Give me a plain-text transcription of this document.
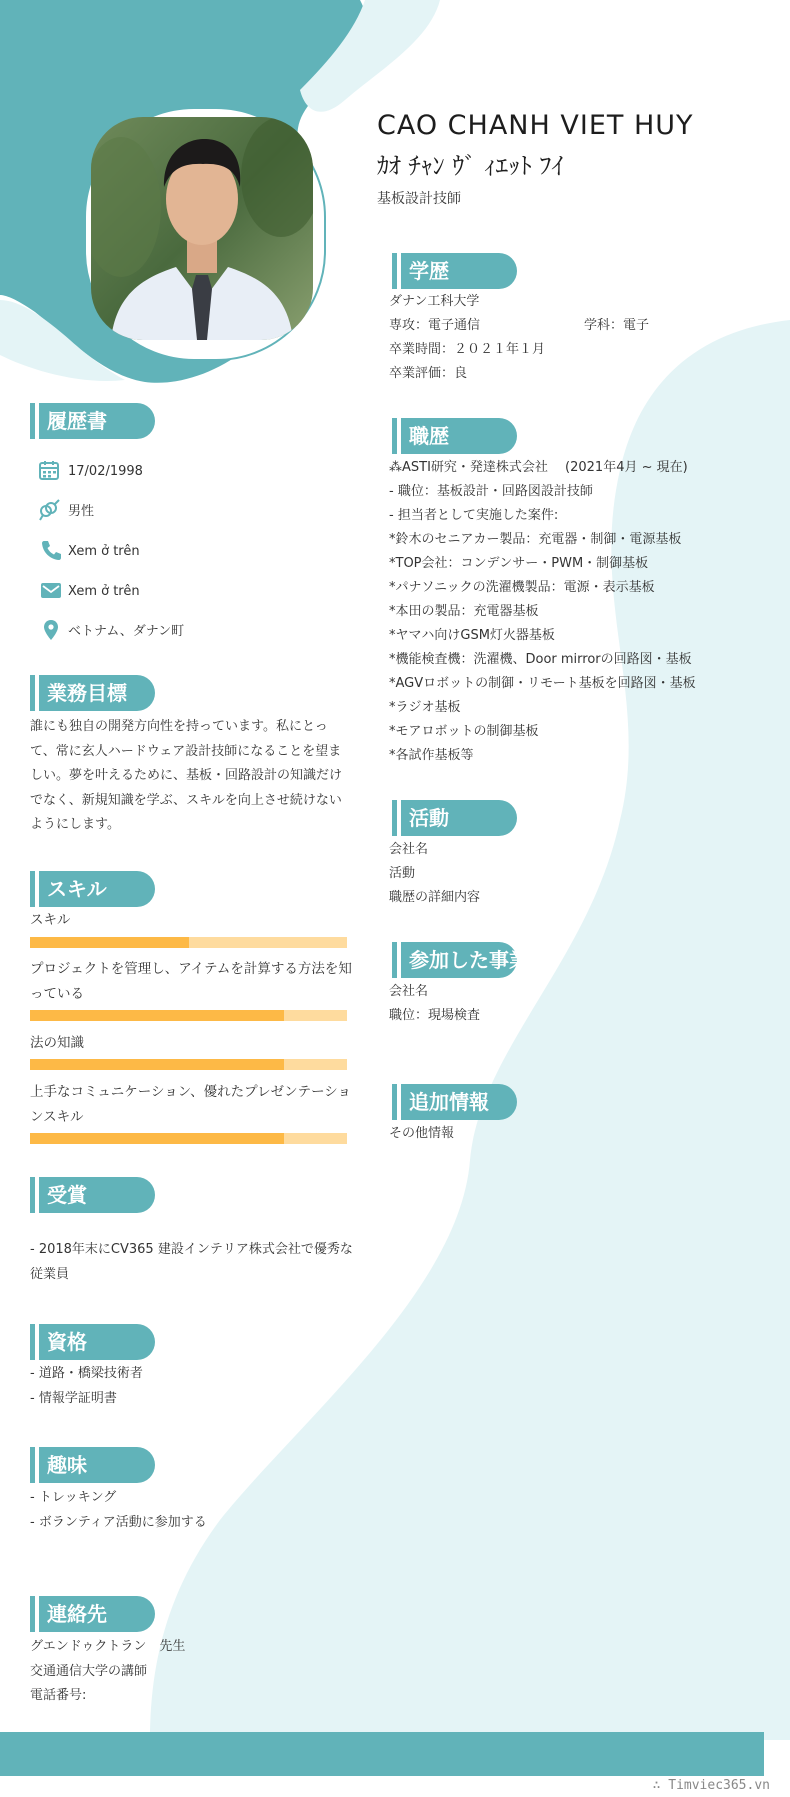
CAO CHANH VIET HUY
ｶｵ ﾁｬﾝ ｳﾞ ｨｴｯﾄ ﾌｲ
基板設計技師
履歴書
17/02/1998
男性
Xem ở trên
Xem ở trên
ベトナム、ダナン町
業務目標
誰にも独自の開発方向性を持っています。私にとっ
て、常に玄人ハードウェア設計技師になることを望ま
しい。夢を叶えるために、基板・回路設計の知識だけ
でなく、新規知識を学ぶ、スキルを向上させ続けない
ようにします。
スキル
スキル
プロジェクトを管理し、アイテムを計算する方法を知
っている
法の知識
上手なコミュニケーション、優れたプレゼンテーショ
ンスキル
受賞
- 2018年末にCV365 建設インテリア株式会社で優秀な
従業員
資格
- 道路・橋梁技術者
- 情報学証明書
趣味
- トレッキング
- ボランティア活動に参加する
連絡先
グエンドゥクトラン　先生
交通通信大学の講師
電話番号:
学歴
ダナン工科大学
専攻：電子通信	学科：電子
卒業時間：２０２１年１月
卒業評価：良
職歴
⁂ASTI研究・発達株式会社　 (2021年4月 ~ 現在)
- 職位：基板設計・回路図設計技師
- 担当者として実施した案件:
*鈴木のセニアカー製品：充電器・制御・電源基板
*TOP会社：コンデンサー・PWM・制御基板
*パナソニックの洗濯機製品：電源・表示基板
*本田の製品：充電器基板
*ヤマハ向けGSM灯火器基板
*機能検査機：洗濯機、Door mirrorの回路図・基板
*AGVロボットの制御・リモート基板を回路図・基板
*ラジオ基板
*モアロボットの制御基板
*各試作基板等
活動
会社名
活動
職歴の詳細内容
参加した事業
会社名
職位：現場検査
追加情報
その他情報
∴ Timviec365.vn
